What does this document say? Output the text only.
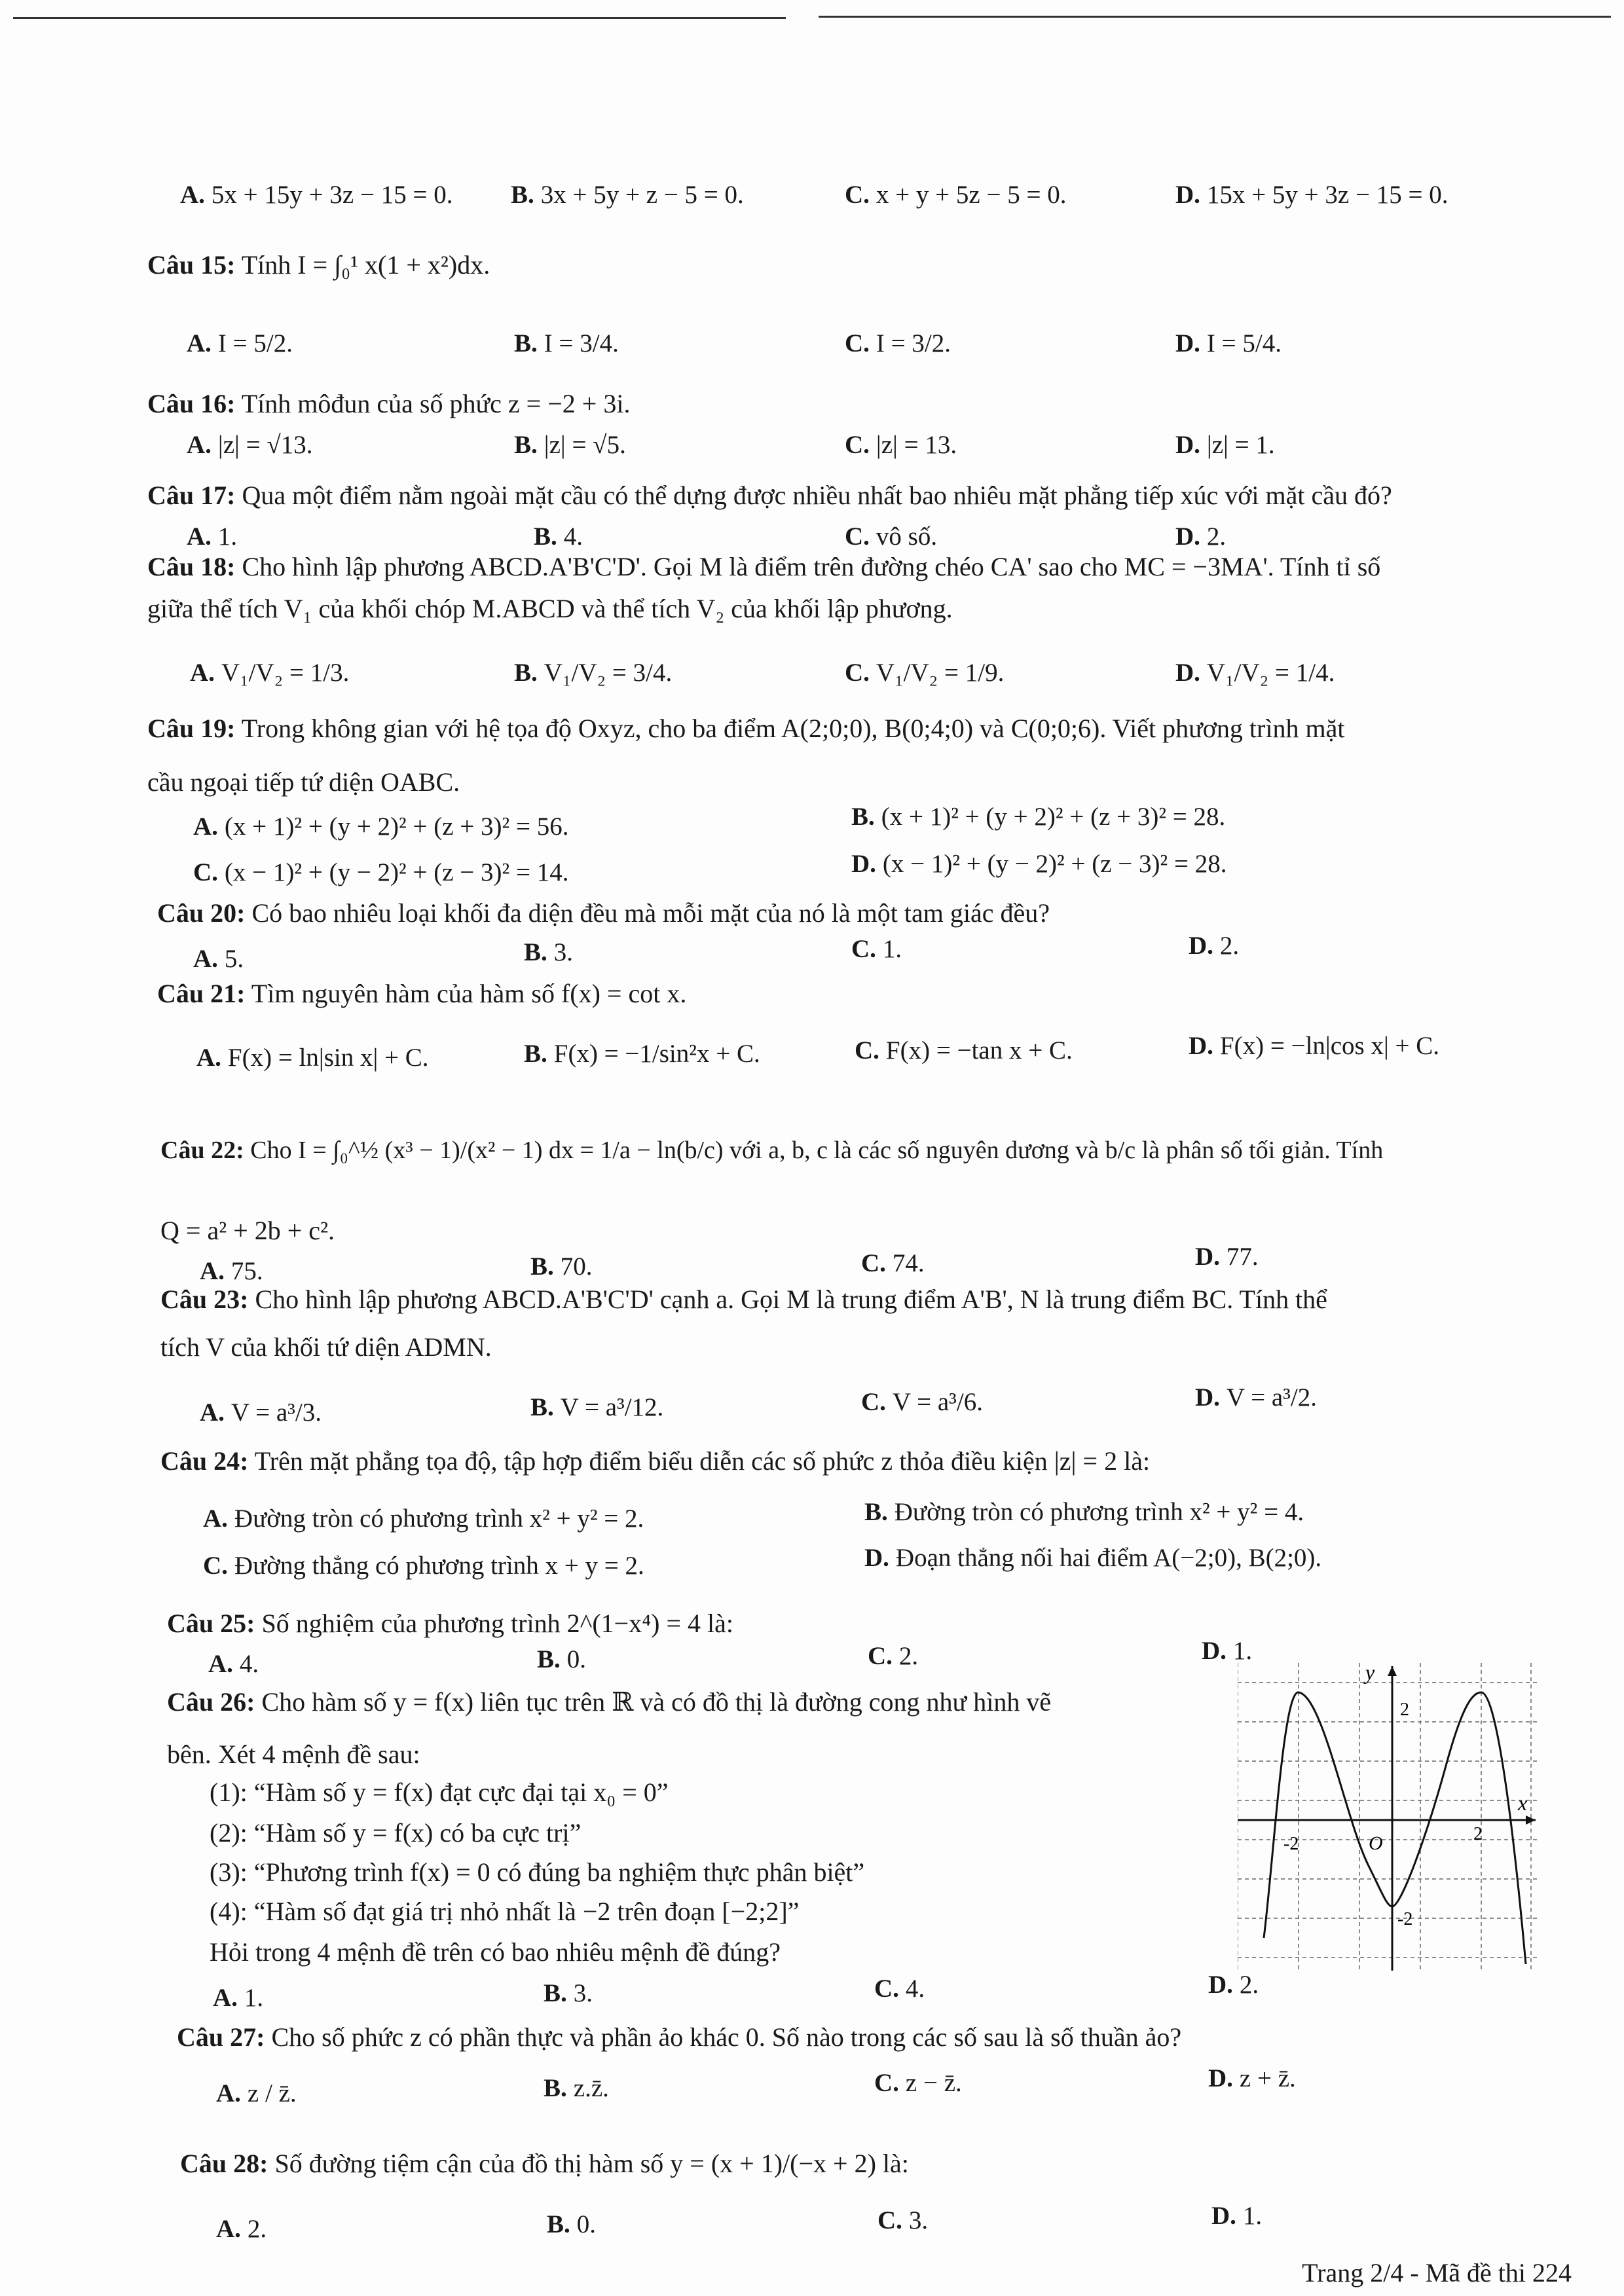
A. 5x + 15y + 3z − 15 = 0. B. 3x + 5y + z − 5 = 0.	C. x + y + 5z − 5 = 0.	D. 15x + 5y + 3z − 15 = 0.
Câu 15: Tính I = ∫₀¹ x(1 + x²)dx.
A. I = 5/2.	B. I = 3/4.	C. I = 3/2.	D. I = 5/4.
Câu 16: Tính môđun của số phức z = −2 + 3i.
A. |z| = √13.	B. |z| = √5.	C. |z| = 13.	D. |z| = 1.
Câu 17: Qua một điểm nằm ngoài mặt cầu có thể dựng được nhiều nhất bao nhiêu mặt phẳng tiếp xúc với mặt cầu đó?
A. 1.	B. 4.	C. vô số.	D. 2.
Câu 18: Cho hình lập phương ABCD.A'B'C'D'. Gọi M là điểm trên đường chéo CA' sao cho MC = −3MA'. Tính tỉ số
giữa thể tích V₁ của khối chóp M.ABCD và thể tích V₂ của khối lập phương.
A. V₁/V₂ = 1/3.	B. V₁/V₂ = 3/4.	C. V₁/V₂ = 1/9.	D. V₁/V₂ = 1/4.
Câu 19: Trong không gian với hệ tọa độ Oxyz, cho ba điểm A(2;0;0), B(0;4;0) và C(0;0;6). Viết phương trình mặt
cầu ngoại tiếp tứ diện OABC.
A. (x + 1)² + (y + 2)² + (z + 3)² = 56.	B. (x + 1)² + (y + 2)² + (z + 3)² = 28.
C. (x − 1)² + (y − 2)² + (z − 3)² = 14.	D. (x − 1)² + (y − 2)² + (z − 3)² = 28.
Câu 20: Có bao nhiêu loại khối đa diện đều mà mỗi mặt của nó là một tam giác đều?
A. 5.	B. 3.	C. 1.	D. 2.
Câu 21: Tìm nguyên hàm của hàm số f(x) = cot x.
A. F(x) = ln|sin x| + C.	B. F(x) = −1/sin²x + C.	C. F(x) = −tan x + C.	D. F(x) = −ln|cos x| + C.
Câu 22: Cho I = ∫₀^½ (x³ − 1)/(x² − 1) dx = 1/a − ln(b/c) với a, b, c là các số nguyên dương và b/c là phân số tối giản. Tính
Q = a² + 2b + c².
A. 75.	B. 70.	C. 74.	D. 77.
Câu 23: Cho hình lập phương ABCD.A'B'C'D' cạnh a. Gọi M là trung điểm A'B', N là trung điểm BC. Tính thể
tích V của khối tứ diện ADMN.
A. V = a³/3.	B. V = a³/12.	C. V = a³/6.	D. V = a³/2.
Câu 24: Trên mặt phẳng tọa độ, tập hợp điểm biểu diễn các số phức z thỏa điều kiện |z| = 2 là:
A. Đường tròn có phương trình x² + y² = 2.	B. Đường tròn có phương trình x² + y² = 4.
C. Đường thẳng có phương trình x + y = 2.	D. Đoạn thẳng nối hai điểm A(−2;0), B(2;0).
Câu 25: Số nghiệm của phương trình 2^(1−x⁴) = 4 là:
A. 4.	B. 0.	C. 2.	D. 1.
Câu 26: Cho hàm số y = f(x) liên tục trên ℝ và có đồ thị là đường cong như hình vẽ
bên. Xét 4 mệnh đề sau:
(1): “Hàm số y = f(x) đạt cực đại tại x₀ = 0”
(2): “Hàm số y = f(x) có ba cực trị”
(3): “Phương trình f(x) = 0 có đúng ba nghiệm thực phân biệt”
(4): “Hàm số đạt giá trị nhỏ nhất là −2 trên đoạn [−2;2]”
Hỏi trong 4 mệnh đề trên có bao nhiêu mệnh đề đúng?
A. 1.	B. 3.	C. 4.	D. 2.
y
x
O
-2	2
2
-2
Câu 27: Cho số phức z có phần thực và phần ảo khác 0. Số nào trong các số sau là số thuần ảo?
A. z / z̄.	B. z.z̄.	C. z − z̄.	D. z + z̄.
Câu 28: Số đường tiệm cận của đồ thị hàm số y = (x + 1)/(−x + 2) là:
A. 2.	B. 0.	C. 3.	D. 1.
Trang 2/4 - Mã đề thi 224
